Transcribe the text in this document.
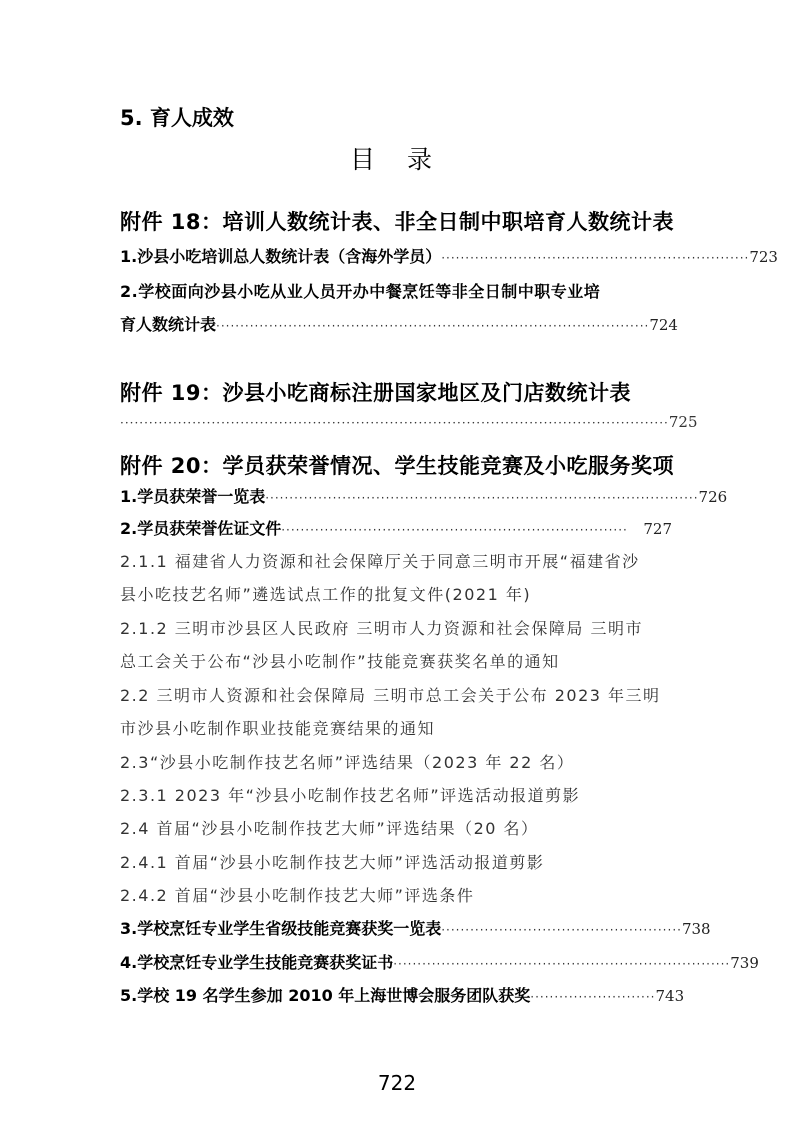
5. 育人成效
目 录
附件 18：培训人数统计表、非全日制中职培育人数统计表
1.沙县小吃培训总人数统计表（含海外学员） ································································ 723
2.学校面向沙县小吃从业人员开办中餐烹饪等非全日制中职专业培
育人数统计表 ·························································································· 724
附件 19：沙县小吃商标注册国家地区及门店数统计表
·················································································································· 725
附件 20：学员获荣誉情况、学生技能竞赛及小吃服务奖项
1.学员获荣誉一览表 ·························································································· 726
2.学员获荣誉佐证文件 ········································································	727
2.1.1 福建省人力资源和社会保障厅关于同意三明市开展“福建省沙
县小吃技艺名师”遴选试点工作的批复文件(2021 年)
2.1.2 三明市沙县区人民政府 三明市人力资源和社会保障局 三明市
总工会关于公布“沙县小吃制作”技能竞赛获奖名单的通知
2.2 三明市人资源和社会保障局 三明市总工会关于公布 2023 年三明
市沙县小吃制作职业技能竞赛结果的通知
2.3“沙县小吃制作技艺名师”评选结果（2023 年 22 名）
2.3.1 2023 年“沙县小吃制作技艺名师”评选活动报道剪影
2.4 首届“沙县小吃制作技艺大师”评选结果（20 名）
2.4.1 首届“沙县小吃制作技艺大师”评选活动报道剪影
2.4.2 首届“沙县小吃制作技艺大师”评选条件
3.学校烹饪专业学生省级技能竞赛获奖一览表 ·················································· 738
4.学校烹饪专业学生技能竞赛获奖证书 ······································································ 739
5.学校 19 名学生参加 2010 年上海世博会服务团队获奖 ·························· 743
722
